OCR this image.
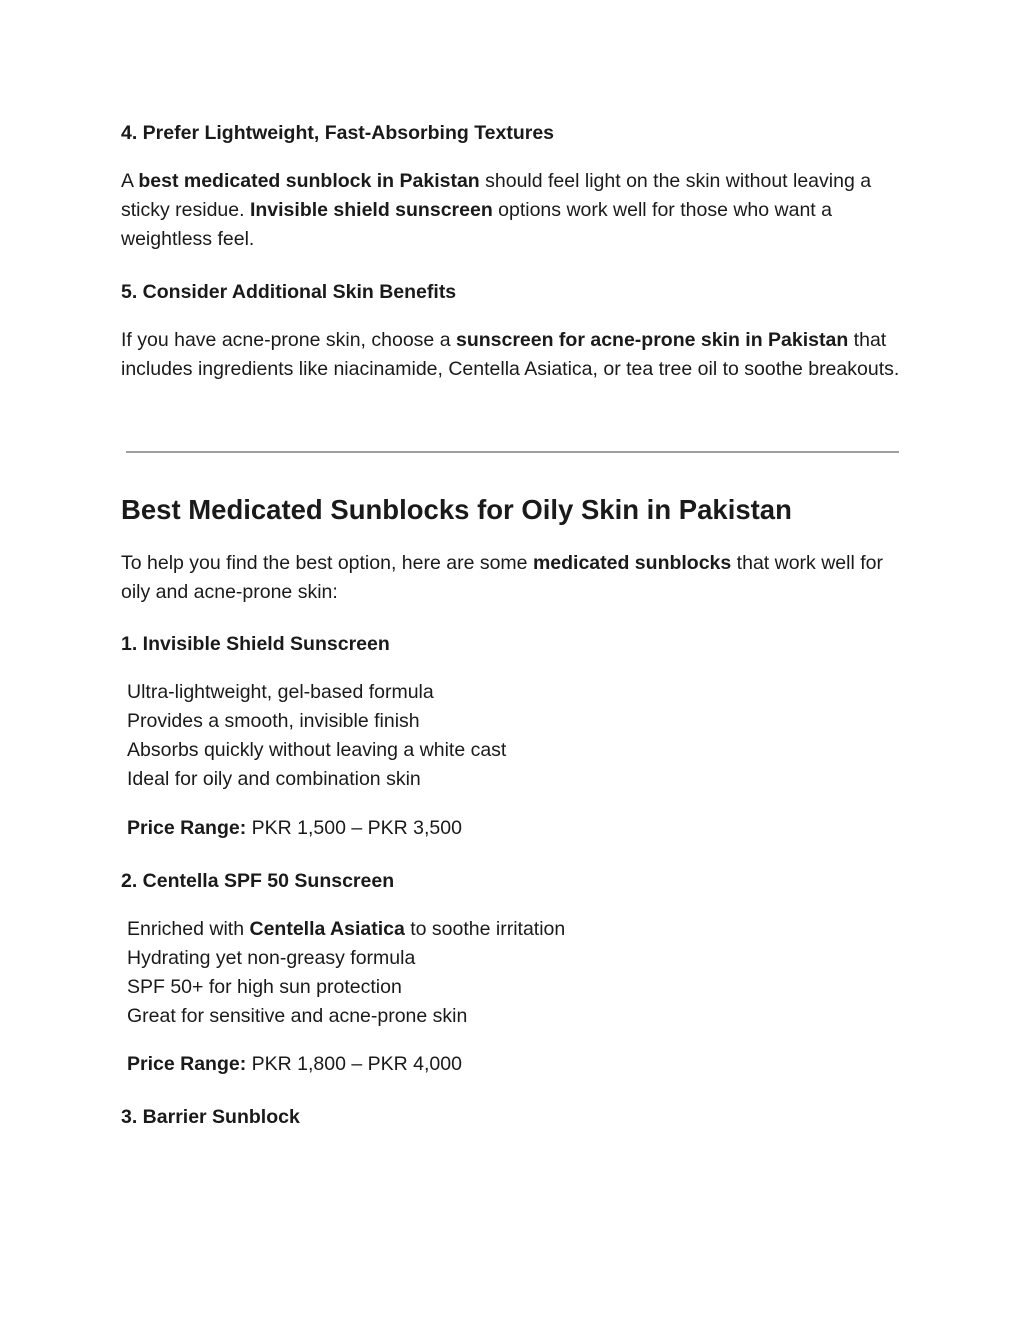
4. Prefer Lightweight, Fast-Absorbing Textures

A best medicated sunblock in Pakistan should feel light on the skin without leaving a sticky residue. Invisible shield sunscreen options work well for those who want a weightless feel.

5. Consider Additional Skin Benefits

If you have acne-prone skin, choose a sunscreen for acne-prone skin in Pakistan that includes ingredients like niacinamide, Centella Asiatica, or tea tree oil to soothe breakouts.

Best Medicated Sunblocks for Oily Skin in Pakistan

To help you find the best option, here are some medicated sunblocks that work well for oily and acne-prone skin:

1. Invisible Shield Sunscreen
Ultra-lightweight, gel-based formula
Provides a smooth, invisible finish
Absorbs quickly without leaving a white cast
Ideal for oily and combination skin

Price Range: PKR 1,500 – PKR 3,500

2. Centella SPF 50 Sunscreen
Enriched with Centella Asiatica to soothe irritation
Hydrating yet non-greasy formula
SPF 50+ for high sun protection
Great for sensitive and acne-prone skin

Price Range: PKR 1,800 – PKR 4,000

3. Barrier Sunblock
